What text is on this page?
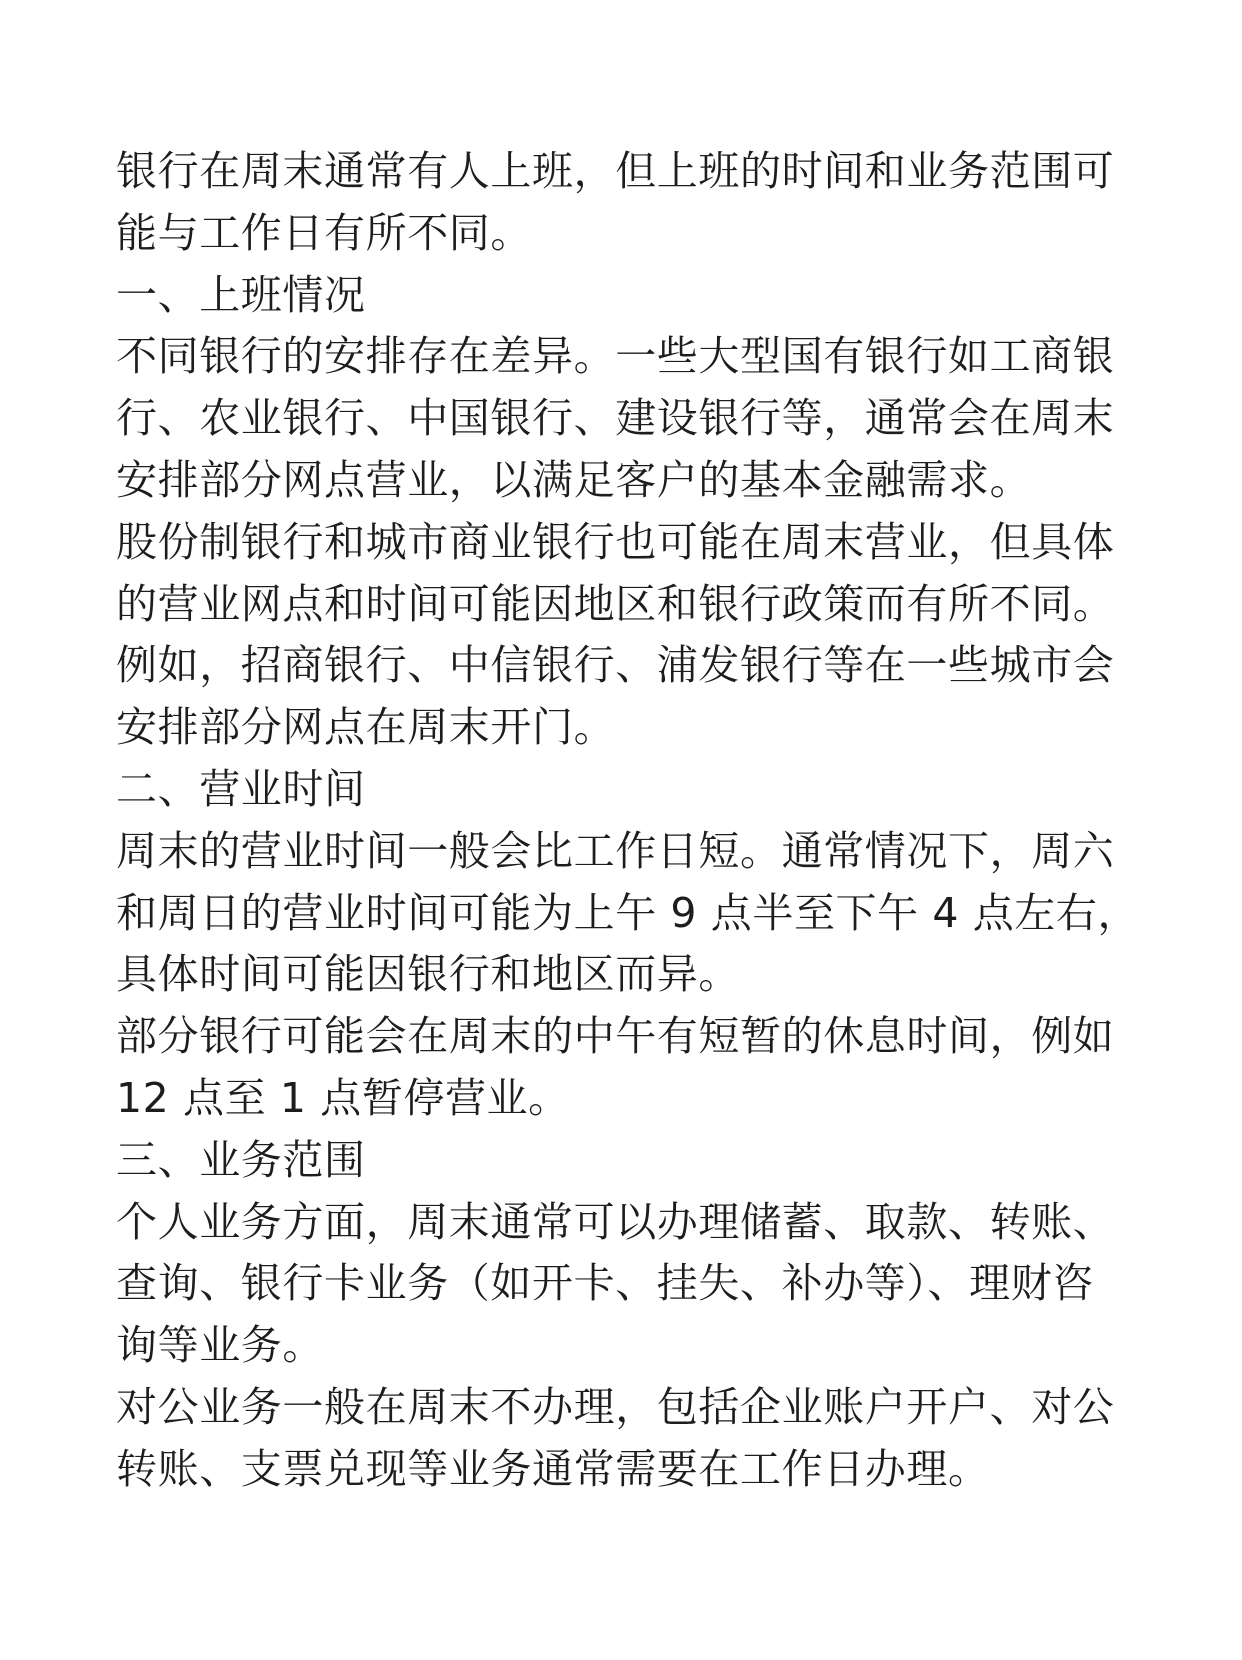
银行在周末通常有人上班，但上班的时间和业务范围可

能与工作日有所不同。

一、上班情况

不同银行的安排存在差异。一些大型国有银行如工商银

行、农业银行、中国银行、建设银行等，通常会在周末

安排部分网点营业，以满足客户的基本金融需求。

股份制银行和城市商业银行也可能在周末营业，但具体

的营业网点和时间可能因地区和银行政策而有所不同。

例如，招商银行、中信银行、浦发银行等在一些城市会

安排部分网点在周末开门。

二、营业时间

周末的营业时间一般会比工作日短。通常情况下，周六

和周日的营业时间可能为上午 9 点半至下午 4 点左右，

具体时间可能因银行和地区而异。

部分银行可能会在周末的中午有短暂的休息时间，例如

12 点至 1 点暂停营业。

三、业务范围

个人业务方面，周末通常可以办理储蓄、取款、转账、

查询、银行卡业务（如开卡、挂失、补办等）、理财咨

询等业务。

对公业务一般在周末不办理，包括企业账户开户、对公

转账、支票兑现等业务通常需要在工作日办理。
